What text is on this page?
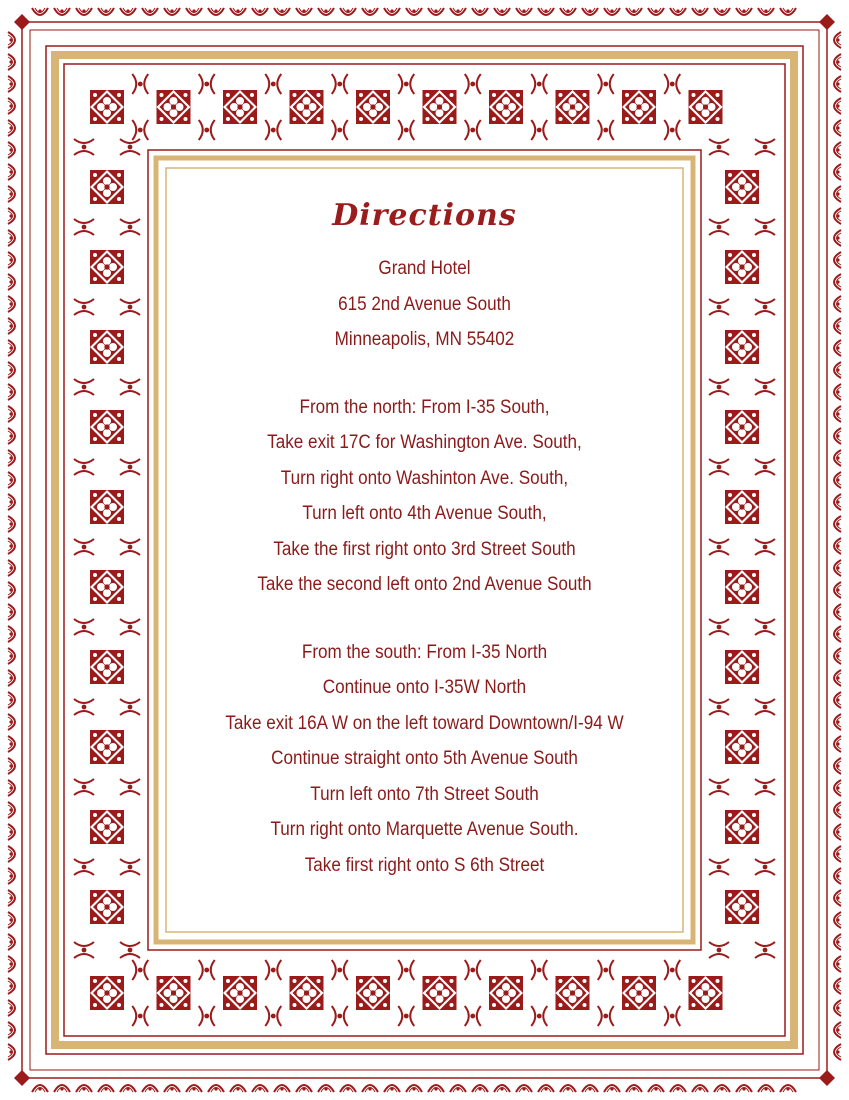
Directions
Grand Hotel
615 2nd Avenue South
Minneapolis, MN 55402
From the north: From I-35 South,
Take exit 17C for Washington Ave. South,
Turn right onto Washinton Ave. South,
Turn left onto 4th Avenue South,
Take the first right onto 3rd Street South
Take the second left onto 2nd Avenue South
From the south: From I-35 North
Continue onto I-35W North
Take exit 16A W on the left toward Downtown/I-94 W
Continue straight onto 5th Avenue South
Turn left onto 7th Street South
Turn right onto Marquette Avenue South.
Take first right onto S 6th Street
